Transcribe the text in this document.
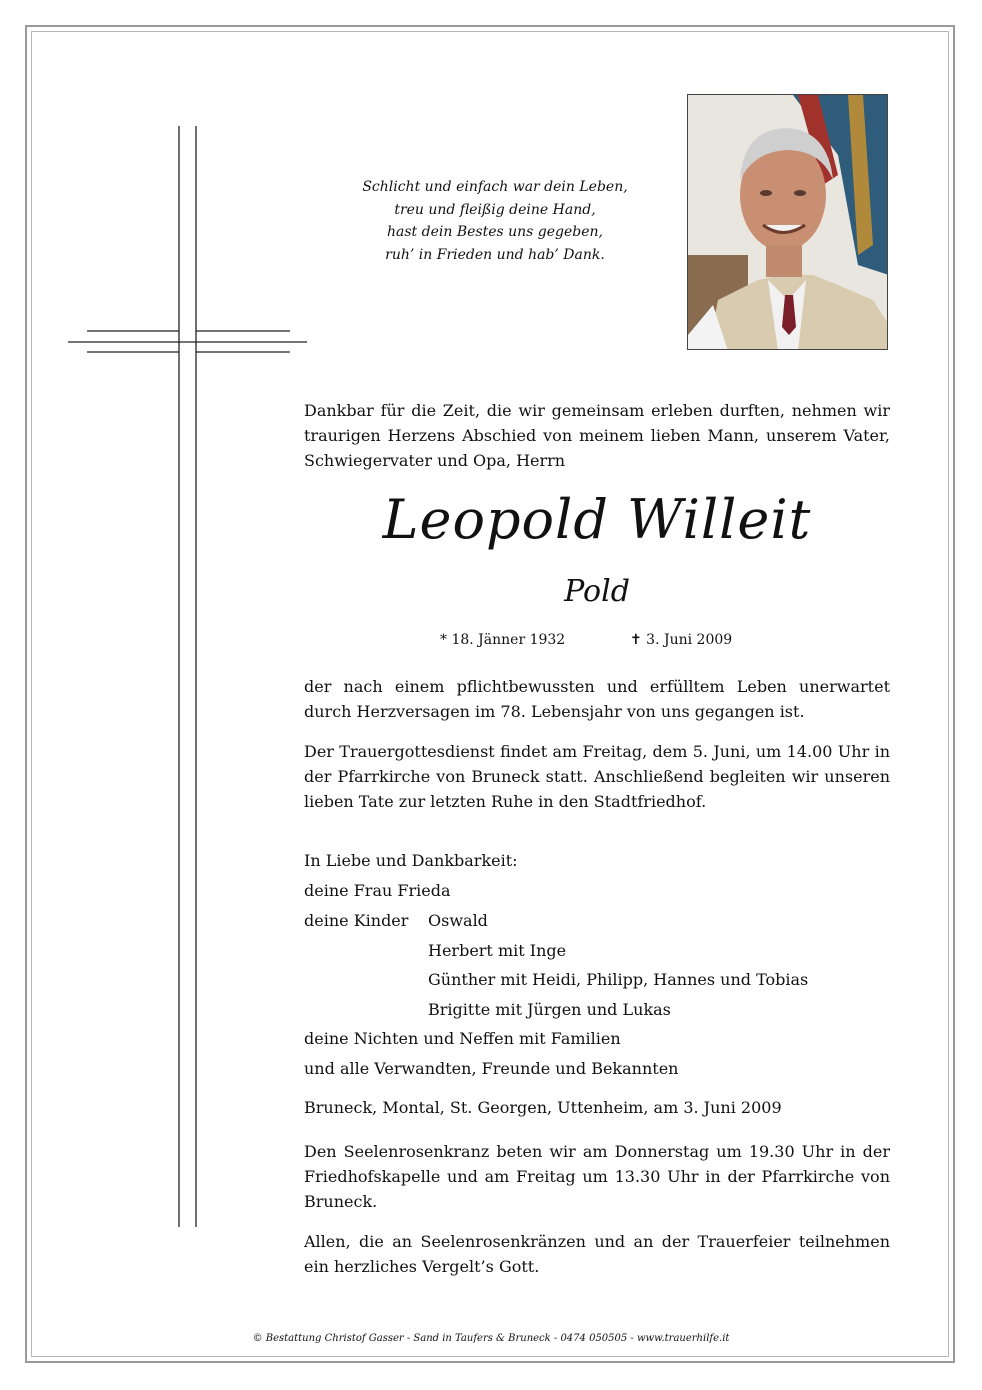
Schlicht und einfach war dein Leben,
treu und fleißig deine Hand,
hast dein Bestes uns gegeben,
ruh’ in Frieden und hab’ Dank.
Dankbar für die Zeit, die wir gemeinsam erleben durften, nehmen wir traurigen Herzens Abschied von meinem lieben Mann, unserem Vater, Schwiegervater und Opa, Herrn
Leopold Willeit
Pold
* 18. Jänner 1932	✝ 3. Juni 2009
der nach einem pflichtbewussten und erfülltem Leben unerwartet durch Herzversagen im 78. Lebensjahr von uns gegangen ist.
Der Trauergottesdienst findet am Freitag, dem 5. Juni, um 14.00 Uhr in der Pfarrkirche von Bruneck statt. Anschließend begleiten wir unseren lieben Tate zur letzten Ruhe in den Stadtfriedhof.
In Liebe und Dankbarkeit:
deine Frau Frieda
deine Kinder Oswald
Herbert mit Inge
Günther mit Heidi, Philipp, Hannes und Tobias
Brigitte mit Jürgen und Lukas
deine Nichten und Neffen mit Familien
und alle Verwandten, Freunde und Bekannten
Bruneck, Montal, St. Georgen, Uttenheim, am 3. Juni 2009
Den Seelenrosenkranz beten wir am Donnerstag um 19.30 Uhr in der Friedhofskapelle und am Freitag um 13.30 Uhr in der Pfarrkirche von Bruneck.
Allen, die an Seelenrosenkränzen und an der Trauerfeier teilnehmen ein herzliches Vergelt’s Gott.
© Bestattung Christof Gasser - Sand in Taufers & Bruneck - 0474 050505 - www.trauerhilfe.it
